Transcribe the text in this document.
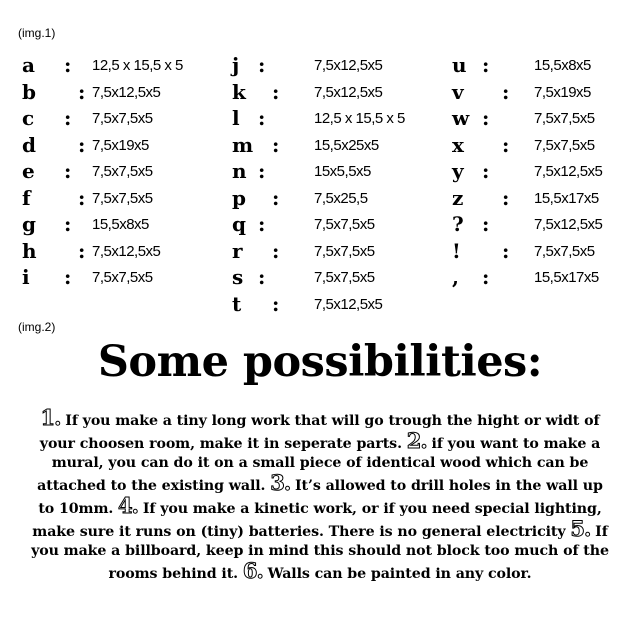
(img.1)
a : 12,5 x 15,5 x 5
b : 7,5x12,5x5
c : 7,5x7,5x5
d : 7,5x19x5
e : 7,5x7,5x5
f : 7,5x7,5x5
g : 15,5x8x5
h : 7,5x12,5x5
i : 7,5x7,5x5
j :	7,5x12,5x5
k : 7,5x12,5x5
l :	12,5 x 15,5 x 5
m : 15,5x25x5
n :	15x5,5x5
p : 7,5x25,5
q :	7,5x7,5x5
r : 7,5x7,5x5
s :	7,5x7,5x5
t : 7,5x12,5x5
u :	15,5x8x5
v : 7,5x19x5
w :	7,5x7,5x5
x : 7,5x7,5x5
y :	7,5x12,5x5
z : 15,5x17x5
? :	7,5x12,5x5
! : 7,5x7,5x5
, :	15,5x17x5
(img.2)
Some possibilities:
1. If you make a tiny long work that will go trough the hight or widt of your choosen room, make it in seperate parts. 2. if you want to make a mural, you can do it on a small piece of identical wood which can be attached to the existing wall. 3. It’s allowed to drill holes in the wall up to 10mm. 4. If you make a kinetic work, or if you need special lighting, make sure it runs on (tiny) batteries. There is no general electricity 5. If you make a billboard, keep in mind this should not block too much of the rooms behind it. 6. Walls can be painted in any color.
